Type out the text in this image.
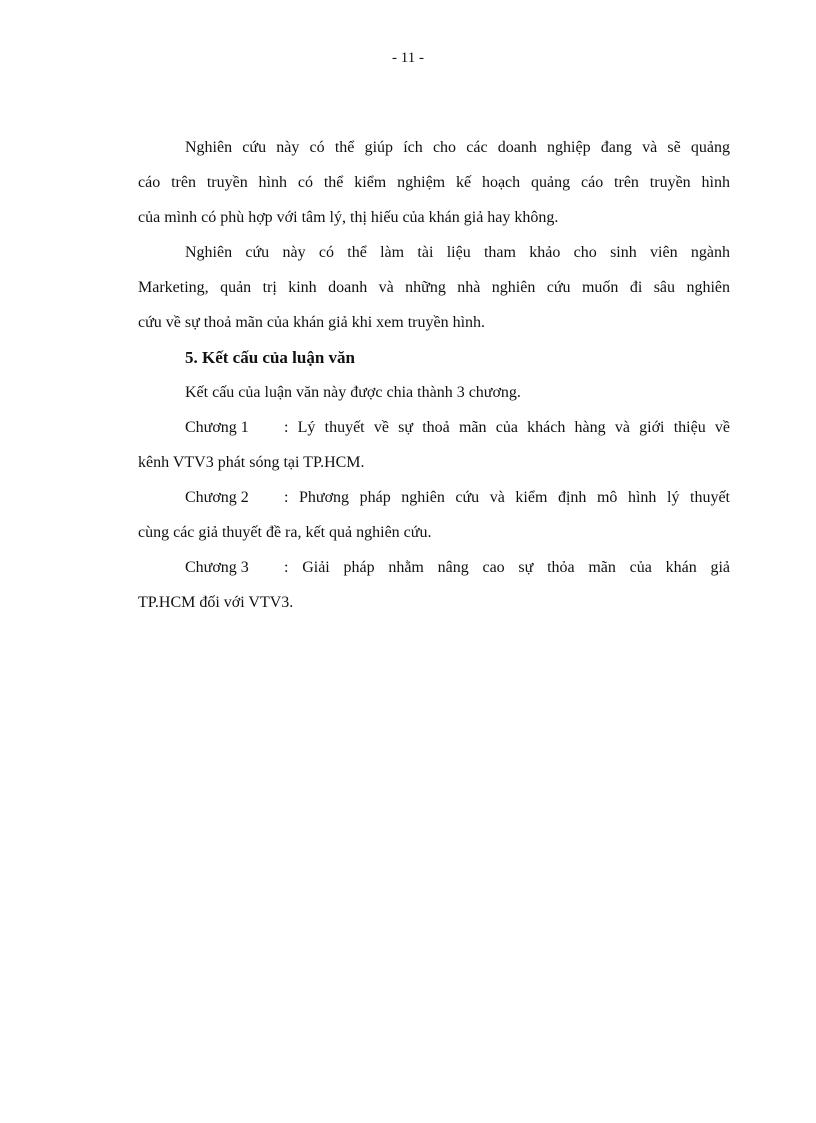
- 11 -
Nghiên cứu này có thể giúp ích cho các doanh nghiệp đang và sẽ quảng
cáo trên truyền hình có thể kiểm nghiệm kế hoạch quảng cáo trên truyền hình
của mình có phù hợp với tâm lý, thị hiếu của khán giả hay không.
Nghiên cứu này có thể làm tài liệu tham khảo cho sinh viên ngành
Marketing, quản trị kinh doanh và những nhà nghiên cứu muốn đi sâu nghiên
cứu về sự thoả mãn của khán giả khi xem truyền hình.
5. Kết cấu của luận văn
Kết cấu của luận văn này được chia thành 3 chương.
Chương 1	: Lý thuyết về sự thoả mãn của khách hàng và giới thiệu về
kênh VTV3 phát sóng tại TP.HCM.
Chương 2	: Phương pháp nghiên cứu và kiểm định mô hình lý thuyết
cùng các giả thuyết đề ra, kết quả nghiên cứu.
Chương 3	: Giải pháp nhằm nâng cao sự thỏa mãn của khán giả
TP.HCM đối với VTV3.
